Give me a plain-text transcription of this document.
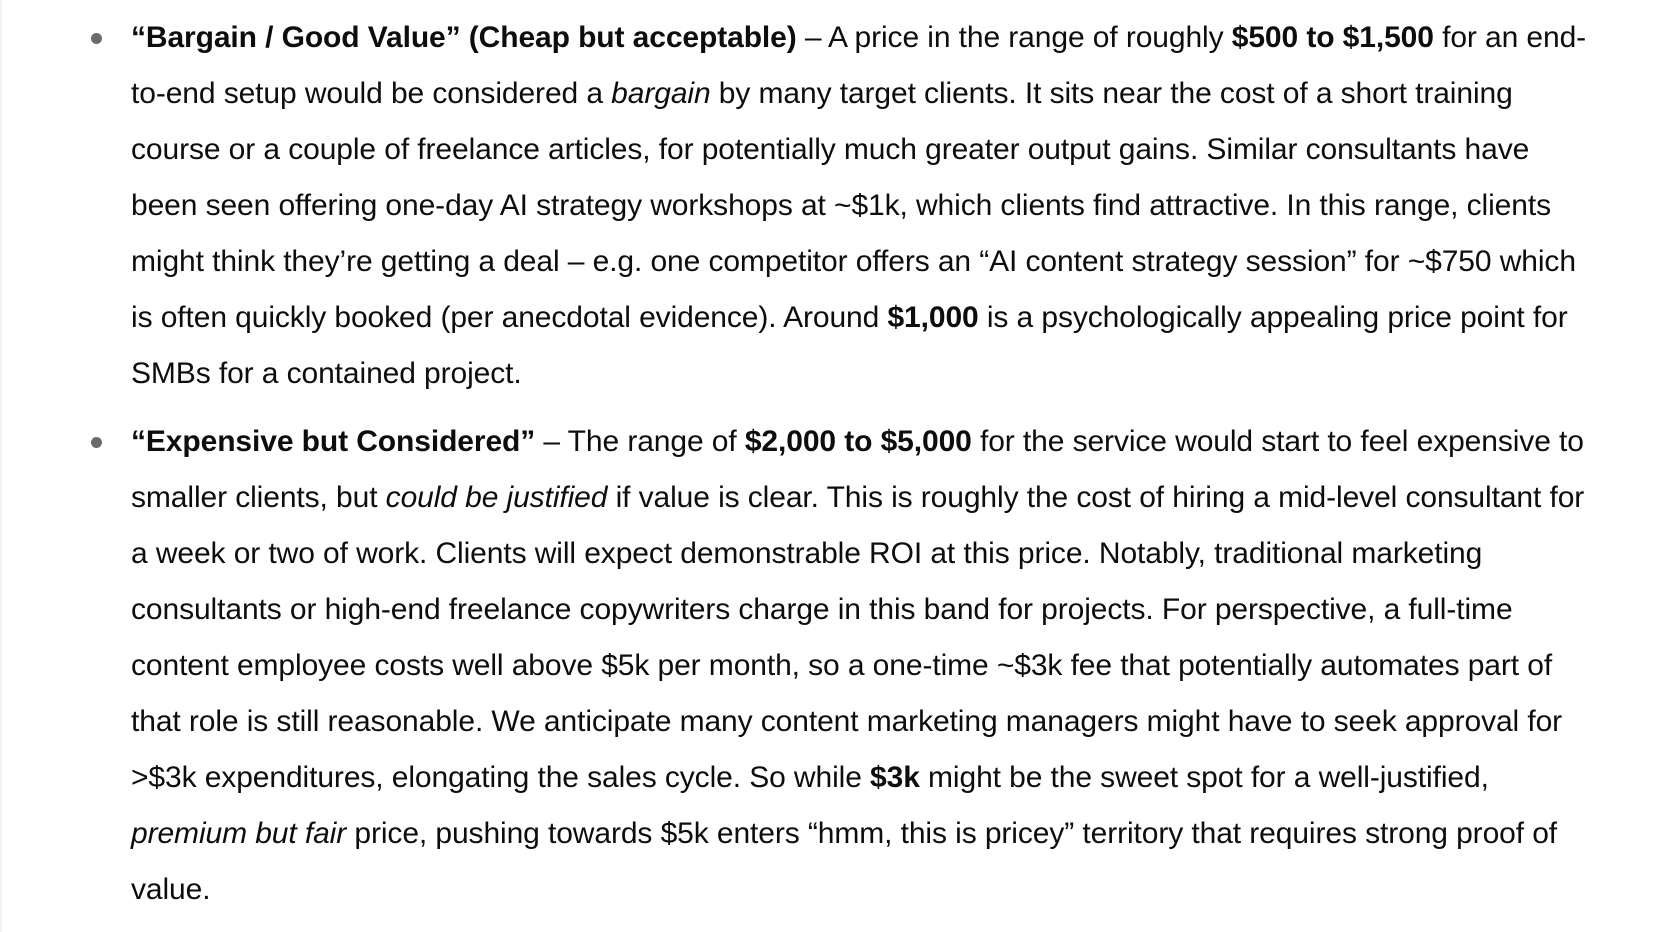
“Bargain / Good Value” (Cheap but acceptable) – A price in the range of roughly $500 to $1,500 for an end-to-end setup would be considered a bargain by many target clients. It sits near the cost of a short training course or a couple of freelance articles, for potentially much greater output gains. Similar consultants have been seen offering one-day AI strategy workshops at ~$1k, which clients find attractive. In this range, clients might think they’re getting a deal – e.g. one competitor offers an “AI content strategy session” for ~$750 which is often quickly booked (per anecdotal evidence). Around $1,000 is a psychologically appealing price point for SMBs for a contained project.

“Expensive but Considered” – The range of $2,000 to $5,000 for the service would start to feel expensive to smaller clients, but could be justified if value is clear. This is roughly the cost of hiring a mid-level consultant for a week or two of work. Clients will expect demonstrable ROI at this price. Notably, traditional marketing consultants or high-end freelance copywriters charge in this band for projects. For perspective, a full-time content employee costs well above $5k per month, so a one-time ~$3k fee that potentially automates part of that role is still reasonable. We anticipate many content marketing managers might have to seek approval for >$3k expenditures, elongating the sales cycle. So while $3k might be the sweet spot for a well-justified, premium but fair price, pushing towards $5k enters “hmm, this is pricey” territory that requires strong proof of value.
